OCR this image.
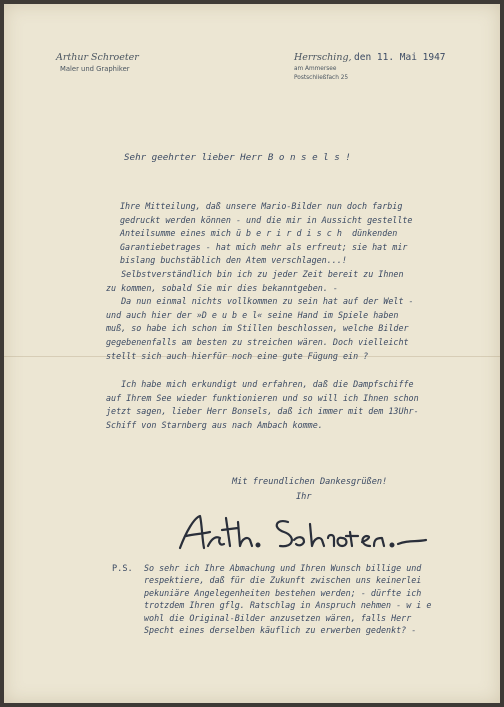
Arthur Schroeter
Maler und Graphiker
Herrsching, den 11. Mai 1947
am Ammersee
Postschließfach 25
Sehr geehrter lieber Herr B o n s e l s !
Ihre Mitteilung, daß unsere Mario-Bilder nun doch farbig
gedruckt werden können - und die mir in Aussicht gestellte
Anteilsumme eines mich ü b e r i r d i s c h  dünkenden
Garantiebetrages - hat mich mehr als erfreut; sie hat mir
bislang buchstäblich den Atem verschlagen...!
Selbstverständlich bin ich zu jeder Zeit bereit zu Ihnen
zu kommen, sobald Sie mir dies bekanntgeben. -
Da nun einmal nichts vollkommen zu sein hat auf der Welt -
und auch hier der »D e u b e l« seine Hand im Spiele haben
muß, so habe ich schon im Stillen beschlossen, welche Bilder
gegebenenfalls am besten zu streichen wären. Doch vielleicht
stellt sich auch hierfür noch eine gute Fügung ein ?
Ich habe mich erkundigt und erfahren, daß die Dampfschiffe
auf Ihrem See wieder funktionieren und so will ich Ihnen schon
jetzt sagen, lieber Herr Bonsels, daß ich immer mit dem 13Uhr-
Schiff von Starnberg aus nach Ambach komme.
Mit freundlichen Dankesgrüßen!
Ihr
P.S. So sehr ich Ihre Abmachung und Ihren Wunsch billige und
respektiere, daß für die Zukunft zwischen uns keinerlei
pekuniäre Angelegenheiten bestehen werden; - dürfte ich
trotzdem Ihren gflg. Ratschlag in Anspruch nehmen - w i e
wohl die Original-Bilder anzusetzen wären, falls Herr
Specht eines derselben käuflich zu erwerben gedenkt? -
